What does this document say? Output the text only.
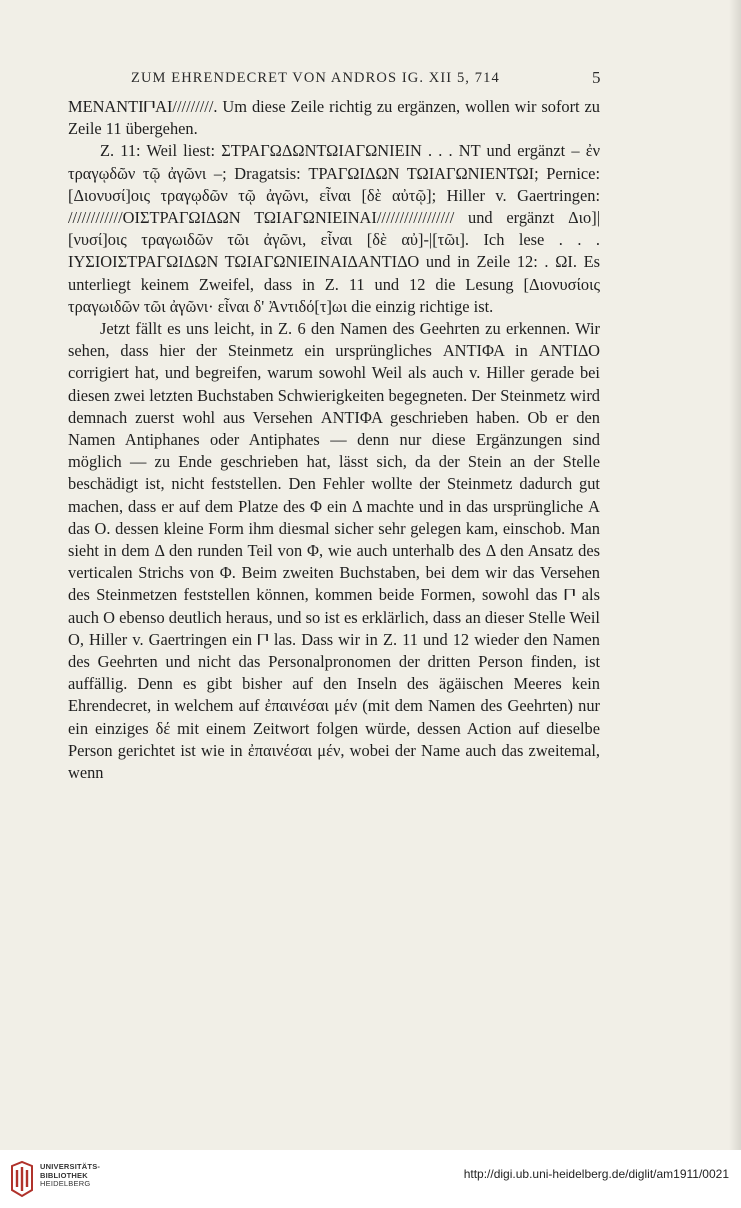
ZUM EHRENDECRET VON ANDROS IG. XII 5, 714	5

MENANTI𐅃ΑΙ/////////. Um diese Zeile richtig zu ergänzen, wollen wir sofort zu Zeile 11 übergehen.

Z. 11: Weil liest: ΣΤΡΑΓΩΔΩΝΤΩΙΑΓΩΝΙΕΙΝ . . . ΝΤ und ergänzt – ἐν τραγῳδῶν τῷ ἀγῶνι –; Dragatsis: ΤΡΑΓΩΙΔΩΝ ΤΩΙΑΓΩΝΙΕΝΤΩΙ; Pernice: [Διονυσί]οις τραγῳδῶν τῷ ἀγῶνι, εἶναι [δὲ αὐτῷ]; Hiller v. Gaertringen: ////////////ΟΙΣΤΡΑΓΩΙΔΩΝ ΤΩΙΑΓΩΝΙΕΙΝΑΙ///////////////// und ergänzt Διο]|[νυσί]οις τραγωιδῶν τῶι ἀγῶνι, εἶναι [δὲ αὐ]-|[τῶι]. Ich lese . . . ΙΥΣΙΟΙΣΤΡΑΓΩΙΔΩΝ ΤΩΙΑΓΩΝΙΕΙΝΑΙΔΑΝΤΙΔΟ und in Zeile 12: . ΩΙ. Es unterliegt keinem Zweifel, dass in Z. 11 und 12 die Lesung [Διονυσίοις τραγωιδῶν τῶι ἀγῶνι· εἶναι δ' Ἀντιδό[τ]ωι die einzig richtige ist.

Jetzt fällt es uns leicht, in Z. 6 den Namen des Geehrten zu erkennen. Wir sehen, dass hier der Steinmetz ein ursprüngliches ΑΝΤΙΦΑ in ΑΝΤΙΔΟ corrigiert hat, und begreifen, warum sowohl Weil als auch v. Hiller gerade bei diesen zwei letzten Buchstaben Schwierigkeiten begegneten. Der Steinmetz wird demnach zuerst wohl aus Versehen ΑΝΤΙΦΑ geschrieben haben. Ob er den Namen Antiphanes oder Antiphates — denn nur diese Ergänzungen sind möglich — zu Ende geschrieben hat, lässt sich, da der Stein an der Stelle beschädigt ist, nicht feststellen. Den Fehler wollte der Steinmetz dadurch gut machen, dass er auf dem Platze des Φ ein Δ machte und in das ursprüngliche Α das Ο. dessen kleine Form ihm diesmal sicher sehr gelegen kam, einschob. Man sieht in dem Δ den runden Teil von Φ, wie auch unterhalb des Δ den Ansatz des verticalen Strichs von Φ. Beim zweiten Buchstaben, bei dem wir das Versehen des Steinmetzen feststellen können, kommen beide Formen, sowohl das 𐅃 als auch Ο ebenso deutlich heraus, und so ist es erklärlich, dass an dieser Stelle Weil Ο, Hiller v. Gaertringen ein 𐅃 las. Dass wir in Z. 11 und 12 wieder den Namen des Geehrten und nicht das Personalpronomen der dritten Person finden, ist auffällig. Denn es gibt bisher auf den Inseln des ägäischen Meeres kein Ehrendecret, in welchem auf ἐπαινέσαι μέν (mit dem Namen des Geehrten) nur ein einziges δέ mit einem Zeitwort folgen würde, dessen Action auf dieselbe Person gerichtet ist wie in ἐπαινέσαι μέν, wobei der Name auch das zweitemal, wenn

UNIVERSITÄTS-
BIBLIOTHEK
HEIDELBERG
http://digi.ub.uni-heidelberg.de/diglit/am1911/0021
